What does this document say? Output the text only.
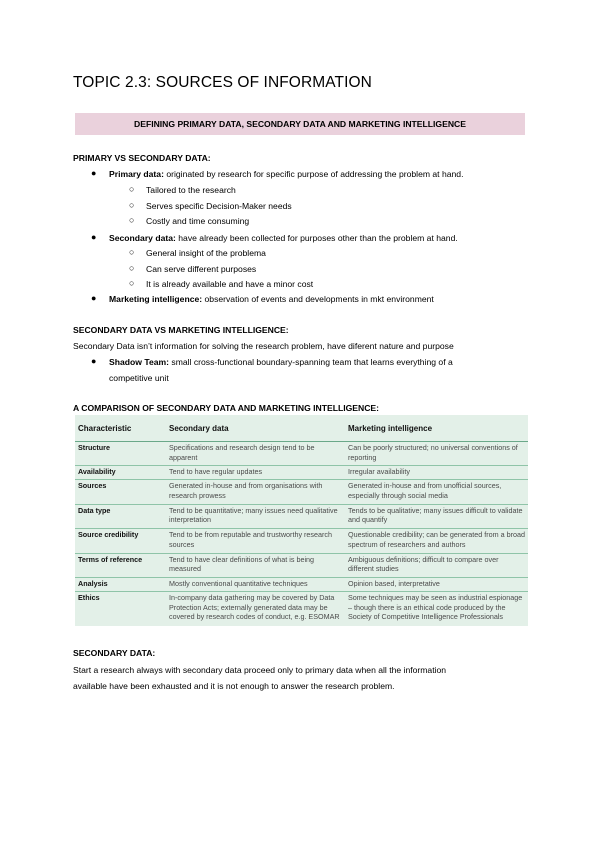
TOPIC 2.3: SOURCES OF INFORMATION
DEFINING PRIMARY DATA, SECONDARY DATA AND MARKETING INTELLIGENCE
PRIMARY VS SECONDARY DATA:
● Primary data: originated by research for specific purpose of addressing the problem at hand.
○ Tailored to the research
○ Serves specific Decision-Maker needs
○ Costly and time consuming
● Secondary data: have already been collected for purposes other than the problem at hand.
○ General insight of the problema
○ Can serve different purposes
○ It is already available and have a minor cost
● Marketing intelligence: observation of events and developments in mkt environment
SECONDARY DATA VS MARKETING INTELLIGENCE:
Secondary Data isn’t information for solving the research problem, have diferent nature and purpose
● Shadow Team: small cross-functional boundary-spanning team that learns everything of a
competitive unit
A COMPARISON OF SECONDARY DATA AND MARKETING INTELLIGENCE:
Characteristic	Secondary data	Marketing intelligence
Structure	Specifications and research design tend to be apparent	Can be poorly structured; no universal conventions of reporting
Availability	Tend to have regular updates	Irregular availability
Sources	Generated in-house and from organisations with research prowess	Generated in-house and from unofficial sources, especially through social media
Data type	Tend to be quantitative; many issues need qualitative interpretation	Tends to be qualitative; many issues difficult to validate and quantify
Source credibility	Tend to be from reputable and trustworthy research sources	Questionable credibility; can be generated from a broad spectrum of researchers and authors
Terms of reference	Tend to have clear definitions of what is being measured	Ambiguous definitions; difficult to compare over different studies
Analysis	Mostly conventional quantitative techniques	Opinion based, interpretative
Ethics	In-company data gathering may be covered by Data Protection Acts; externally generated data may be covered by research codes of conduct, e.g. ESOMAR	Some techniques may be seen as industrial espionage – though there is an ethical code produced by the Society of Competitive Intelligence Professionals
SECONDARY DATA:
Start a research always with secondary data proceed only to primary data when all the information
available have been exhausted and it is not enough to answer the research problem.
